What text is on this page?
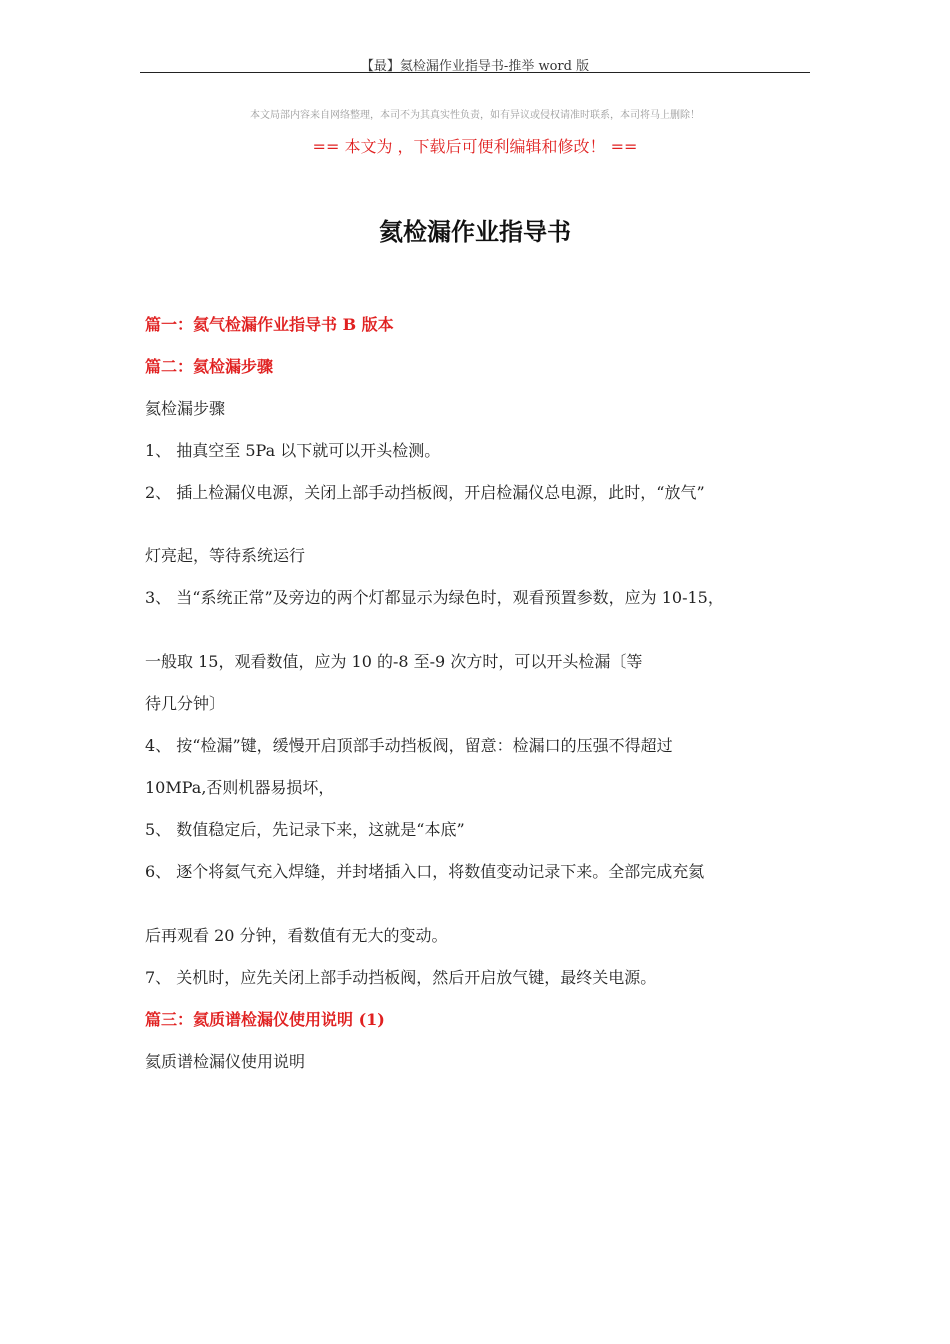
【最】氦检漏作业指导书-推举 word 版
本文局部内容来自网络整理，本司不为其真实性负责，如有异议或侵权请准时联系，本司将马上删除！
== 本文为 ，下载后可便利编辑和修改！ ==
氦检漏作业指导书
篇一：氦气检漏作业指导书 B 版本
篇二：氦检漏步骤
氦检漏步骤
1、 抽真空至 5Pa 以下就可以开头检测。
2、 插上检漏仪电源，关闭上部手动挡板阀，开启检漏仪总电源，此时，“放气”
灯亮起，等待系统运行
3、 当“系统正常”及旁边的两个灯都显示为绿色时，观看预置参数，应为 10-15，
一般取 15，观看数值，应为 10 的-8 至-9 次方时，可以开头检漏〔等
待几分钟〕
4、 按“检漏”键，缓慢开启顶部手动挡板阀，留意：检漏口的压强不得超过
10MPa,否则机器易损坏，
5、 数值稳定后，先记录下来，这就是“本底”
6、 逐个将氦气充入焊缝，并封堵插入口，将数值变动记录下来。全部完成充氦
后再观看 20 分钟，看数值有无大的变动。
7、 关机时，应先关闭上部手动挡板阀，然后开启放气键，最终关电源。
篇三：氦质谱检漏仪使用说明 (1)
氦质谱检漏仪使用说明
